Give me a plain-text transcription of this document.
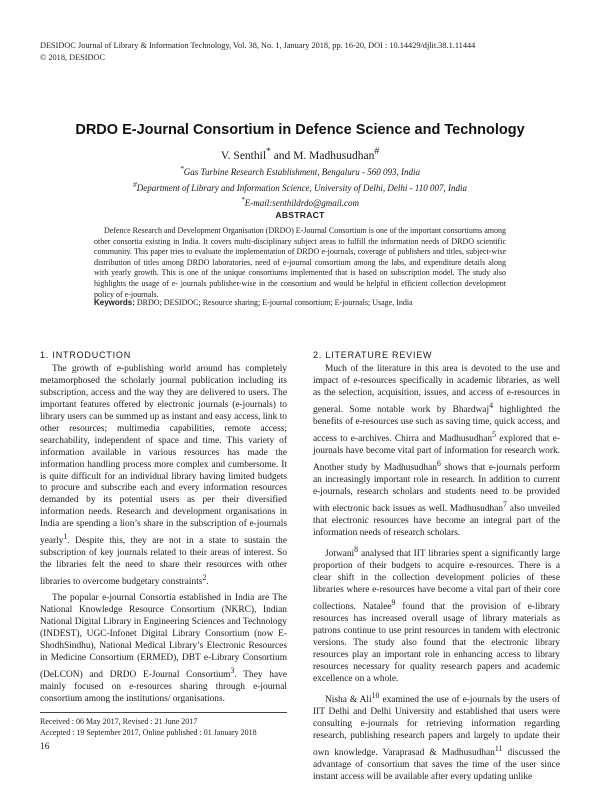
DESIDOC Journal of Library & Information Technology, Vol. 38, No. 1, January 2018, pp. 16-20, DOI : 10.14429/djlit.38.1.11444
© 2018, DESIDOC
DRDO E-Journal Consortium in Defence Science and Technology
V. Senthil* and M. Madhusudhan#
*Gas Turbine Research Establishment, Bengaluru - 560 093, India
#Department of Library and Information Science, University of Delhi, Delhi - 110 007, India
*E-mail:senthildrdo@gmail.com
ABSTRACT
Defence Research and Development Organisation (DRDO) E-Journal Consortium is one of the important consortiums among other consortia existing in India. It covers multi-disciplinary subject areas to fulfill the information needs of DRDO scientific community. This paper tries to evaluate the implementation of DRDO e-journals, coverage of publishers and titles, subject-wise distribution of titles among DRDO laboratories, need of e-journal consortium among the labs, and expenditure details along with yearly growth. This is one of the unique consortiums implemented that is based on subscription model. The study also highlights the usage of e- journals publisher-wise in the consortium and would be helpful in efficient collection development policy of e-journals.
Keywords: DRDO; DESIDOC; Resource sharing; E-journal consortium; E-journals; Usage, India
1. INTRODUCTION

The growth of e-publishing world around has completely metamorphosed the scholarly journal publication including its subscription, access and the way they are delivered to users. The important features offered by electronic journals (e-journals) to library users can be summed up as instant and easy access, link to other resources; multimedia capabilities, remote access; searchability, independent of space and time. This variety of information available in various resources has made the information handling process more complex and cumbersome. It is quite difficult for an individual library having limited budgets to procure and subscribe each and every information resources demanded by its potential users as per their diversified information needs. Research and development organisations in India are spending a lion’s share in the subscription of e-journals yearly$^1$. Despite this, they are not in a state to sustain the subscription of key journals related to their areas of interest. So the libraries felt the need to share their resources with other libraries to overcome budgetary constraints$^2$.

The popular e-journal Consortia established in India are The National Knowledge Resource Consortium (NKRC), Indian National Digital Library in Engineering Sciences and Technology (INDEST), UGC-Infonet Digital Library Consortium (now E-ShodhSindhu), National Medical Library’s Electronic Resources in Medicine Consortium (ERMED), DBT e-Library Consortium (DeLCON) and DRDO E-Journal Consortium$^3$. They have mainly focused on e-resources sharing through e-journal consortium among the institutions/ organisations.

2. LITERATURE REVIEW

Much of the literature in this area is devoted to the use and impact of e-resources specifically in academic libraries, as well as the selection, acquisition, issues, and access of e-resources in general. Some notable work by Bhardwaj$^4$ highlighted the benefits of e-resources use such as saving time, quick access, and access to e-archives. Chirra and Madhusudhan$^5$ explored that e-journals have become vital part of information for research work. Another study by Madhusudhan$^6$ shows that e-journals perform an increasingly important role in research. In addition to current e-journals, research scholars and students need to be provided with electronic back issues as well. Madhusudhan$^7$ also unveiled that electronic resources have become an integral part of the information needs of research scholars.

Jotwani$^8$ analysed that IIT libraries spent a significantly large proportion of their budgets to acquire e-resources. There is a clear shift in the collection development policies of these libraries where e-resources have become a vital part of their core collections. Natalee$^9$ found that the provision of e-library resources has increased overall usage of library materials as patrons continue to use print resources in tandem with electronic versions. The study also found that the electronic library resources play an important role in enhancing access to library resources necessary for quality research papers and academic excellence on a whole.

Nisha & Ali$^{10}$ examined the use of e-journals by the users of IIT Delhi and Delhi University and established that users were consulting e-journals for retrieving information regarding research, publishing research papers and largely to update their own knowledge. Varaprasad & Madhusudhan$^{11}$ discussed the advantage of consortium that saves the time of the user since instant access will be available after every updating unlike

Received : 06 May 2017, Revised : 21 June 2017
Accepted : 19 September 2017, Online published : 01 January 2018
16
